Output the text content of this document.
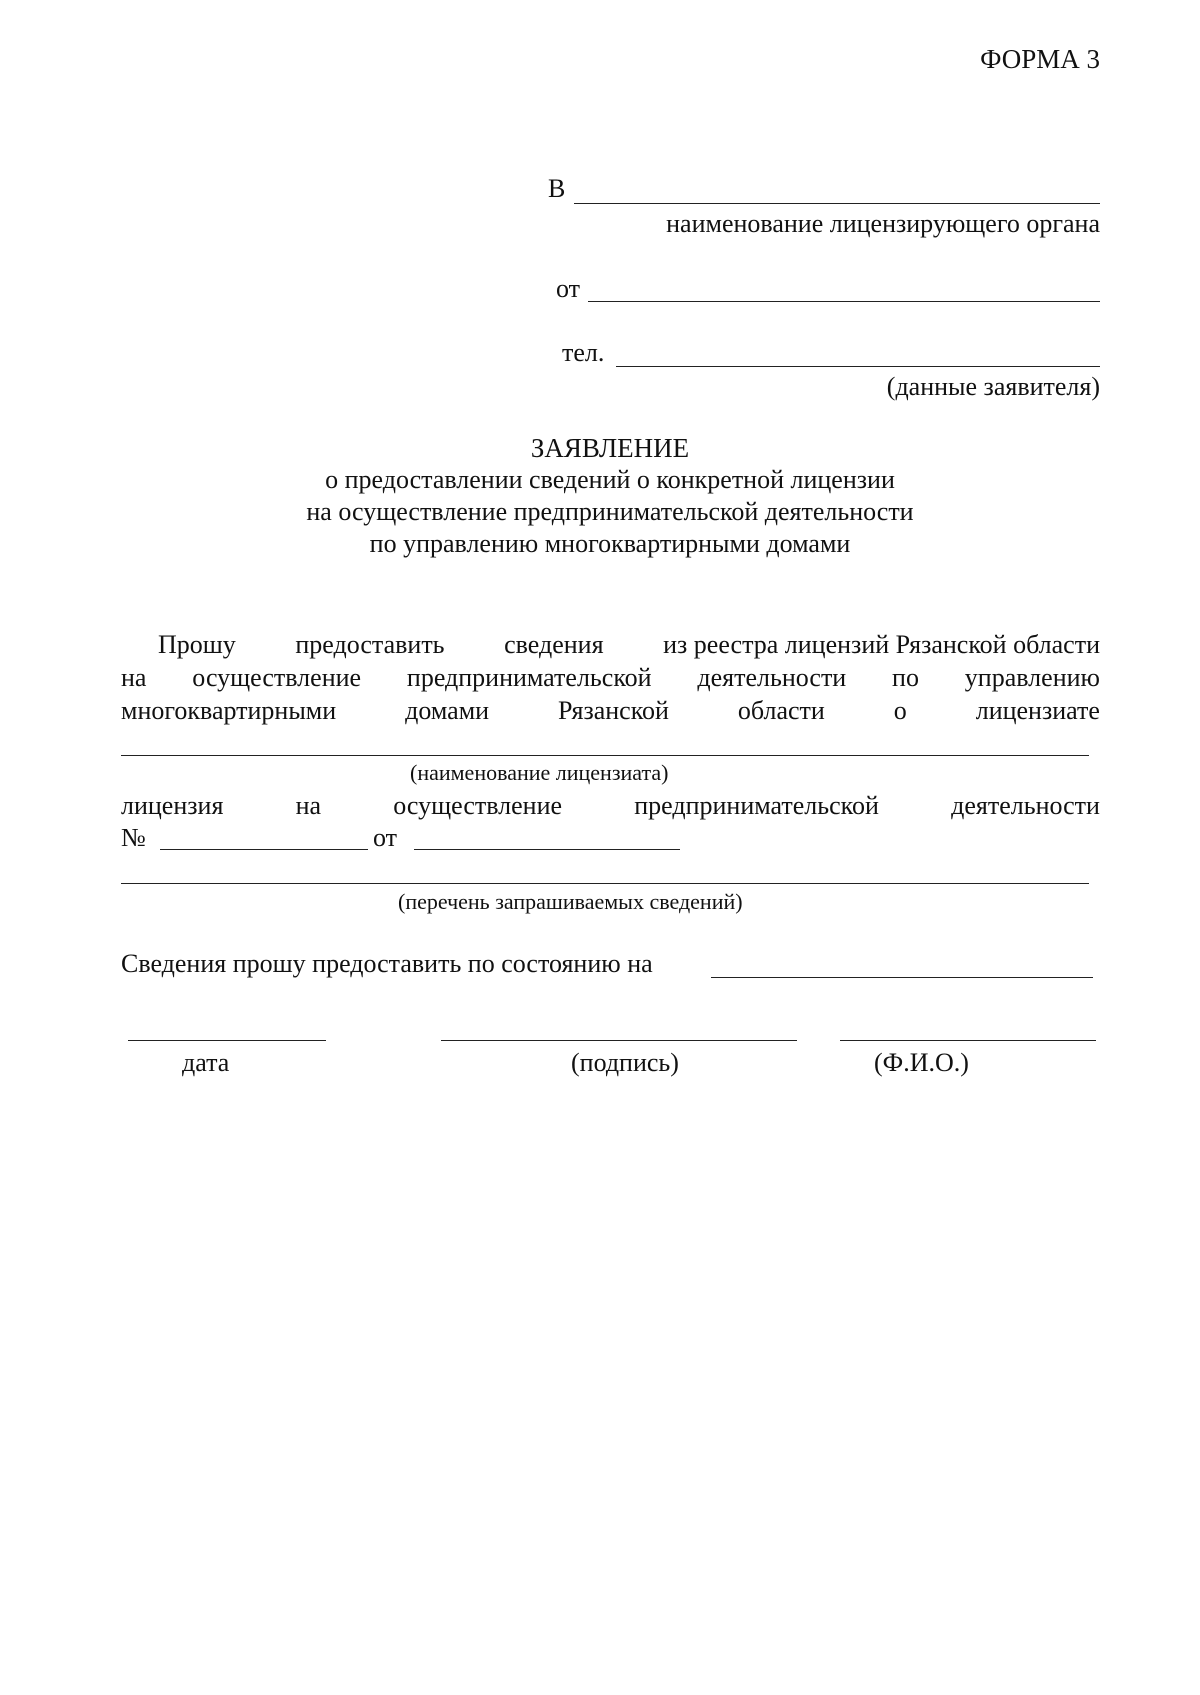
ФОРМА 3
В
наименование лицензирующего органа
от
тел.
(данные заявителя)
ЗАЯВЛЕНИЕ
о предоставлении сведений о конкретной лицензии
на осуществление предпринимательской деятельности
по управлению многоквартирными домами
Прошу предоставить сведения из реестра лицензий Рязанской области
на осуществление предпринимательской деятельности по управлению
многоквартирными	домами	Рязанской	области	о	лицензиате
(наименование лицензиата)
лицензия	на	осуществление	предпринимательской	деятельности
№	от
(перечень запрашиваемых сведений)
Сведения прошу предоставить по состоянию на
дата	(подпись)	(Ф.И.О.)
